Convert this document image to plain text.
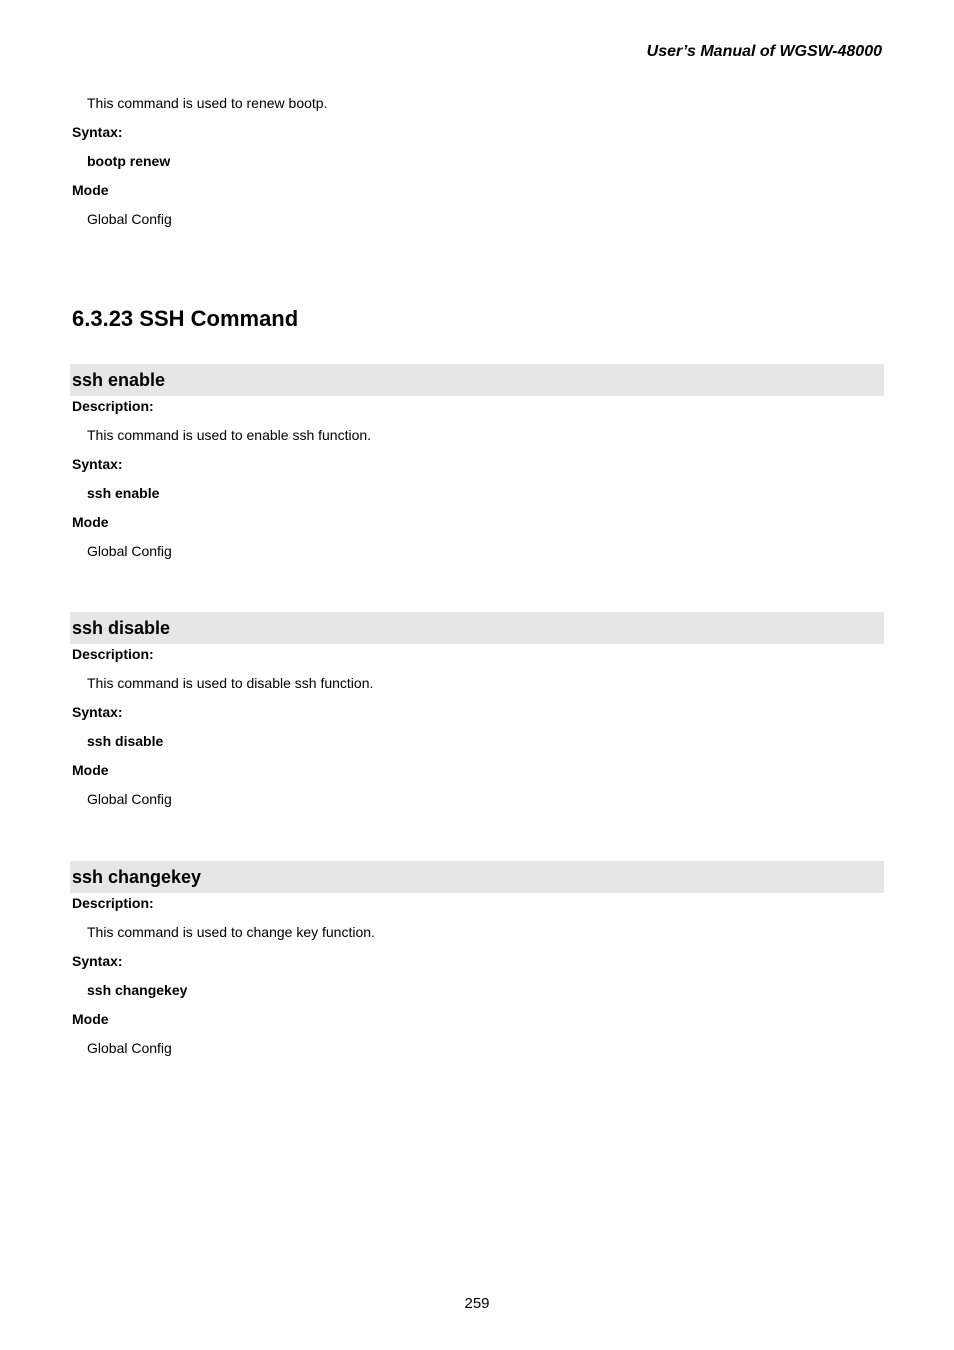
User’s Manual of WGSW-48000

This command is used to renew bootp.

Syntax:

bootp renew

Mode

Global Config

6.3.23 SSH Command
ssh enable

Description:

This command is used to enable ssh function.

Syntax:

ssh enable

Mode

Global Config

ssh disable

Description:

This command is used to disable ssh function.

Syntax:

ssh disable

Mode

Global Config

ssh changekey

Description:

This command is used to change key function.

Syntax:

ssh changekey

Mode

Global Config

259
